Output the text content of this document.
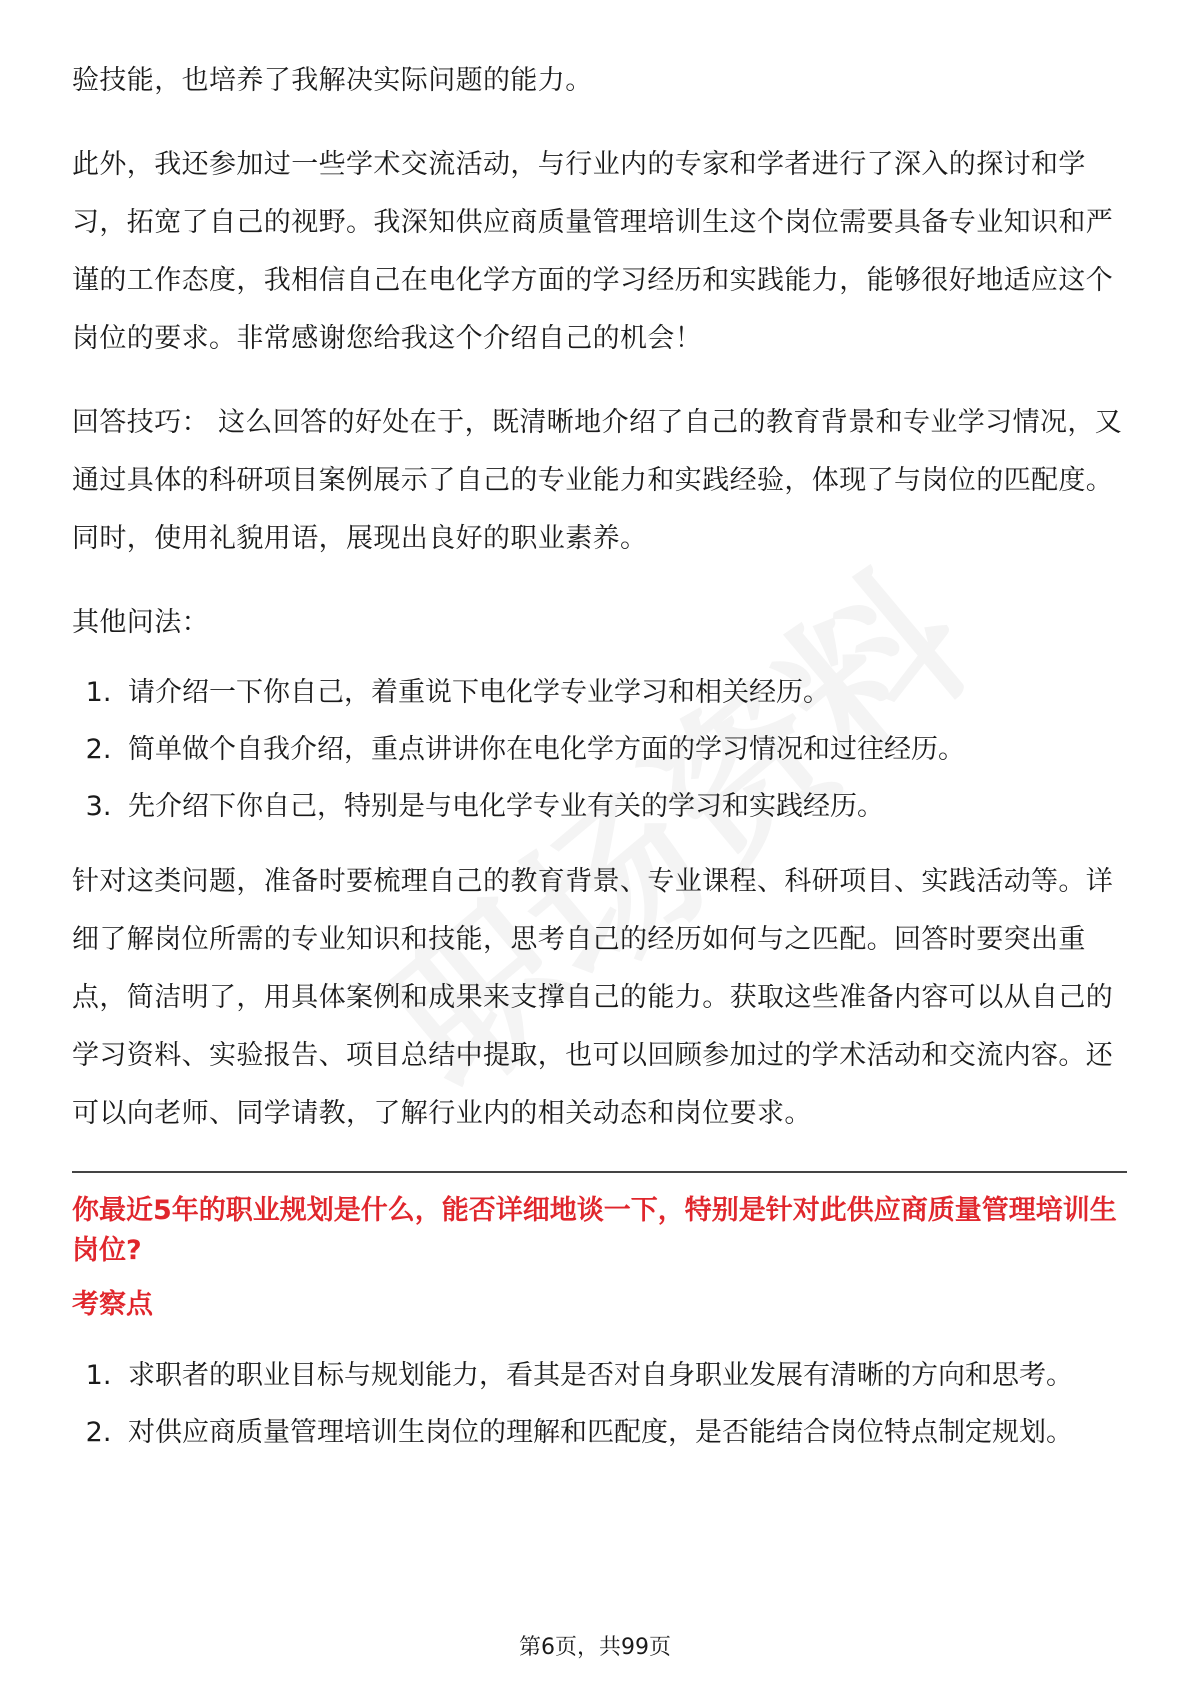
验技能，也培养了我解决实际问题的能力。

此外，我还参加过一些学术交流活动，与行业内的专家和学者进行了深入的探讨和学习，拓宽了自己的视野。我深知供应商质量管理培训生这个岗位需要具备专业知识和严谨的工作态度，我相信自己在电化学方面的学习经历和实践能力，能够很好地适应这个岗位的要求。非常感谢您给我这个介绍自己的机会！

回答技巧： 这么回答的好处在于，既清晰地介绍了自己的教育背景和专业学习情况，又通过具体的科研项目案例展示了自己的专业能力和实践经验，体现了与岗位的匹配度。同时，使用礼貌用语，展现出良好的职业素养。

其他问法：

1. 请介绍一下你自己，着重说下电化学专业学习和相关经历。
2. 简单做个自我介绍，重点讲讲你在电化学方面的学习情况和过往经历。
3. 先介绍下你自己，特别是与电化学专业有关的学习和实践经历。

针对这类问题，准备时要梳理自己的教育背景、专业课程、科研项目、实践活动等。详细了解岗位所需的专业知识和技能，思考自己的经历如何与之匹配。回答时要突出重点，简洁明了，用具体案例和成果来支撑自己的能力。获取这些准备内容可以从自己的学习资料、实验报告、项目总结中提取，也可以回顾参加过的学术活动和交流内容。还可以向老师、同学请教，了解行业内的相关动态和岗位要求。

你最近5年的职业规划是什么，能否详细地谈一下，特别是针对此供应商质量管理培训生岗位?

考察点

1. 求职者的职业目标与规划能力，看其是否对自身职业发展有清晰的方向和思考。
2. 对供应商质量管理培训生岗位的理解和匹配度，是否能结合岗位特点制定规划。
第6页，共99页
